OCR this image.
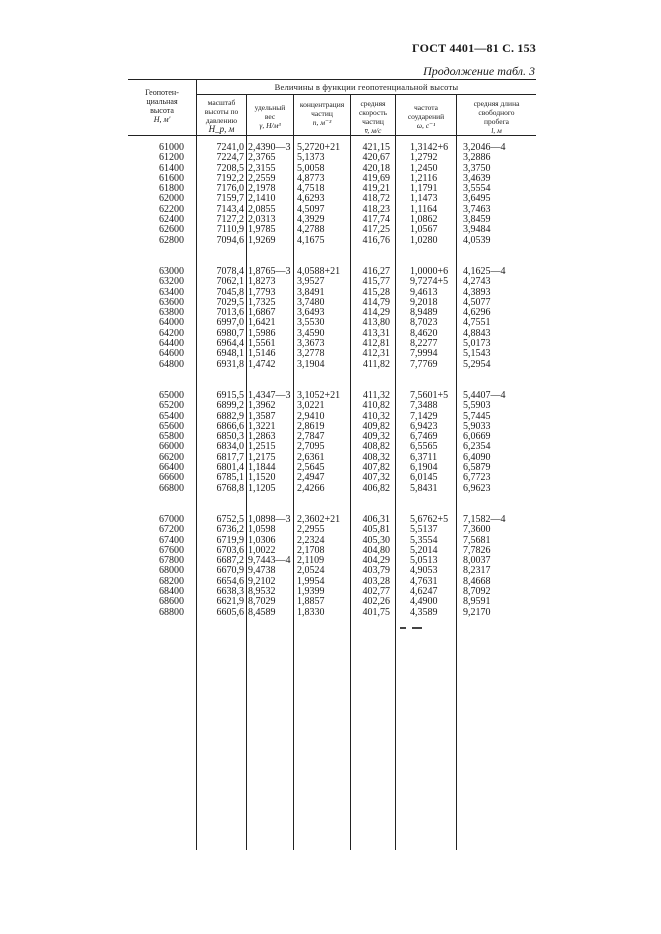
ГОСТ 4401—81 С. 153
Продолжение табл. 3
Геопотен-
циальная
высота
H, м'
Величины в функции геопотенциальной высоты
масштаб
высоты по
давлению
H_p, м
удельный
вес
γ, Н/м³
концентрация
частиц
n, м⁻³
средняя
скорость
частиц
v̄, м/с
частота
соударений
ω, с⁻¹
средняя длина
свободного
пробега
l, м
61000
61200
61400
61600
61800
62000
62200
62400
62600
62800
63000
63200
63400
63600
63800
64000
64200
64400
64600
64800
65000
65200
65400
65600
65800
66000
66200
66400
66600
66800
67000
67200
67400
67600
67800
68000
68200
68400
68600
68800
7241,0
7224,7
7208,5
7192,2
7176,0
7159,7
7143,4
7127,2
7110,9
7094,6
7078,4
7062,1
7045,8
7029,5
7013,6
6997,0
6980,7
6964,4
6948,1
6931,8
6915,5
6899,2
6882,9
6866,6
6850,3
6834,0
6817,7
6801,4
6785,1
6768,8
6752,5
6736,2
6719,9
6703,6
6687,2
6670,9
6654,6
6638,3
6621,9
6605,6
2,4390—3
2,3765
2,3155
2,2559
2,1978
2,1410
2,0855
2,0313
1,9785
1,9269
1,8765—3
1,8273
1,7793
1,7325
1,6867
1,6421
1,5986
1,5561
1,5146
1,4742
1,4347—3
1,3962
1,3587
1,3221
1,2863
1,2515
1,2175
1,1844
1,1520
1,1205
1,0898—3
1,0598
1,0306
1,0022
9,7443—4
9,4738
9,2102
8,9532
8,7029
8,4589
5,2720+21
5,1373
5,0058
4,8773
4,7518
4,6293
4,5097
4,3929
4,2788
4,1675
4,0588+21
3,9527
3,8491
3,7480
3,6493
3,5530
3,4590
3,3673
3,2778
3,1904
3,1052+21
3,0221
2,9410
2,8619
2,7847
2,7095
2,6361
2,5645
2,4947
2,4266
2,3602+21
2,2955
2,2324
2,1708
2,1109
2,0524
1,9954
1,9399
1,8857
1,8330
421,15
420,67
420,18
419,69
419,21
418,72
418,23
417,74
417,25
416,76
416,27
415,77
415,28
414,79
414,29
413,80
413,31
412,81
412,31
411,82
411,32
410,82
410,32
409,82
409,32
408,82
408,32
407,82
407,32
406,82
406,31
405,81
405,30
404,80
404,29
403,79
403,28
402,77
402,26
401,75
1,3142+6
1,2792
1,2450
1,2116
1,1791
1,1473
1,1164
1,0862
1,0567
1,0280
1,0000+6
9,7274+5
9,4613
9,2018
8,9489
8,7023
8,4620
8,2277
7,9994
7,7769
7,5601+5
7,3488
7,1429
6,9423
6,7469
6,5565
6,3711
6,1904
6,0145
5,8431
5,6762+5
5,5137
5,3554
5,2014
5,0513
4,9053
4,7631
4,6247
4,4900
4,3589
3,2046—4
3,2886
3,3750
3,4639
3,5554
3,6495
3,7463
3,8459
3,9484
4,0539
4,1625—4
4,2743
4,3893
4,5077
4,6296
4,7551
4,8843
5,0173
5,1543
5,2954
5,4407—4
5,5903
5,7445
5,9033
6,0669
6,2354
6,4090
6,5879
6,7723
6,9623
7,1582—4
7,3600
7,5681
7,7826
8,0037
8,2317
8,4668
8,7092
8,9591
9,2170
